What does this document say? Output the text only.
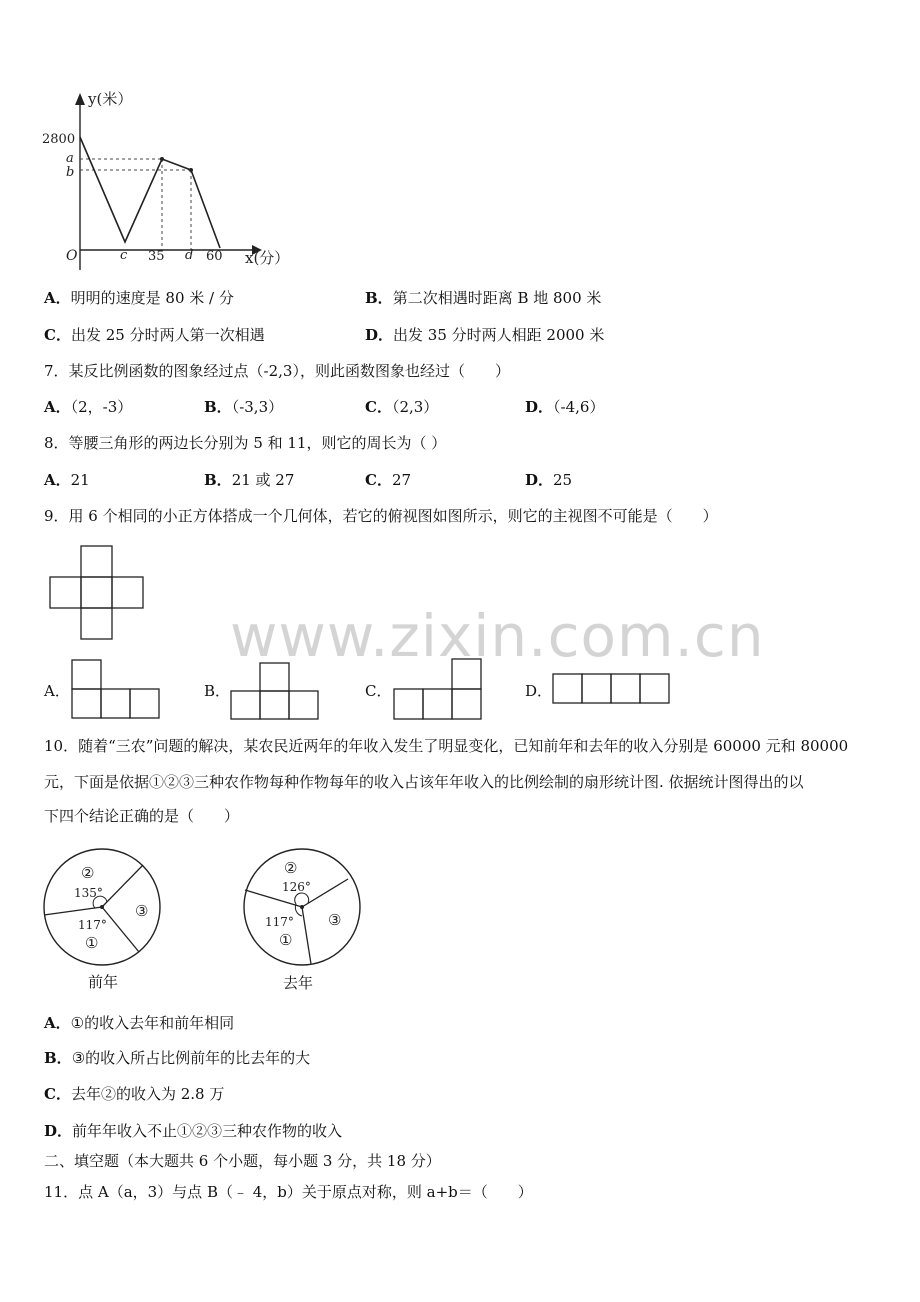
y(米）
2800
a
b
O	c 35 d 60 x(分）
A．明明的速度是 80 米 / 分	B．第二次相遇时距离 B 地 800 米
C．出发 25 分时两人第一次相遇	D．出发 35 分时两人相距 2000 米
7．某反比例函数的图象经过点（-2,3），则此函数图象也经过（　　）
A．（2，-3）	B．（-3,3）	C．（2,3）	D．（-4,6）
8．等腰三角形的两边长分别为 5 和 11，则它的周长为（ ）
A．21	B．21 或 27	C．27	D．25
9．用 6 个相同的小正方体搭成一个几何体，若它的俯视图如图所示，则它的主视图不可能是（　　）
www.zixin.com.cn
A．	B．	C．	D．
10．随着“三农”问题的解决，某农民近两年的年收入发生了明显变化，已知前年和去年的收入分别是 60000 元和 80000
元，下面是依据①②③三种农作物每种作物每年的收入占该年年收入的比例绘制的扇形统计图. 依据统计图得出的以
下四个结论正确的是（　　）
②
135°
③
117°
①
前年
②
126°
③
117°
①
去年
A．①的收入去年和前年相同
B．③的收入所占比例前年的比去年的大
C．去年②的收入为 2.8 万
D．前年年收入不止①②③三种农作物的收入
二、填空题（本大题共 6 个小题，每小题 3 分，共 18 分）
11．点 A（a，3）与点 B（﹣ 4，b）关于原点对称，则 a+b＝（　　）
